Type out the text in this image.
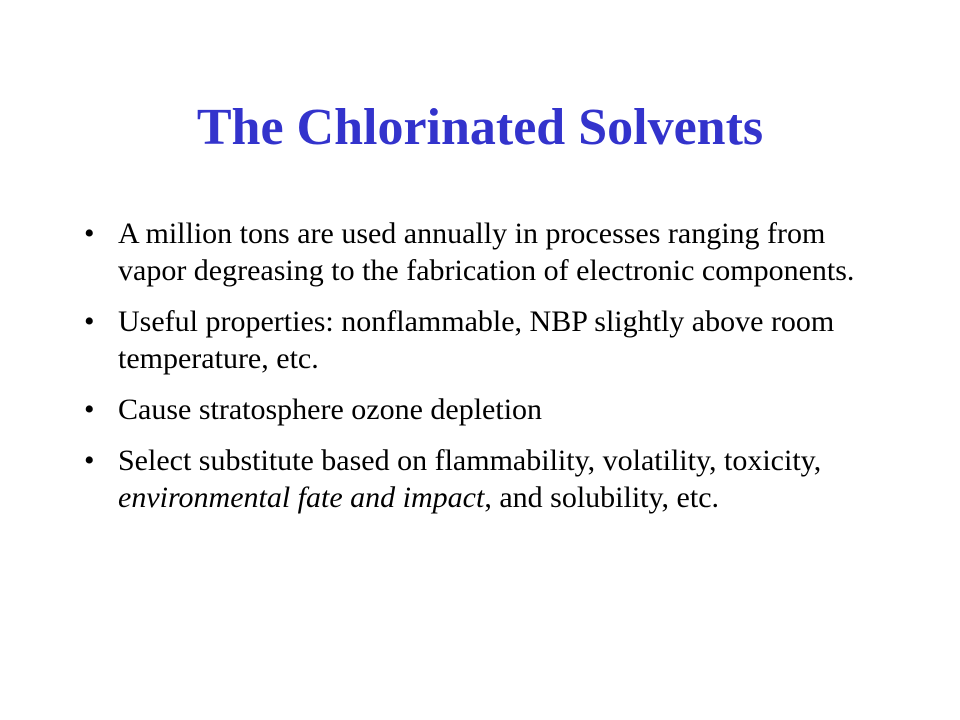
The Chlorinated Solvents
• A million tons are used annually in processes ranging from vapor degreasing to the fabrication of electronic components.
• Useful properties: nonflammable, NBP slightly above room temperature, etc.
• Cause stratosphere ozone depletion
• Select substitute based on flammability, volatility, toxicity, environmental fate and impact, and solubility, etc.
